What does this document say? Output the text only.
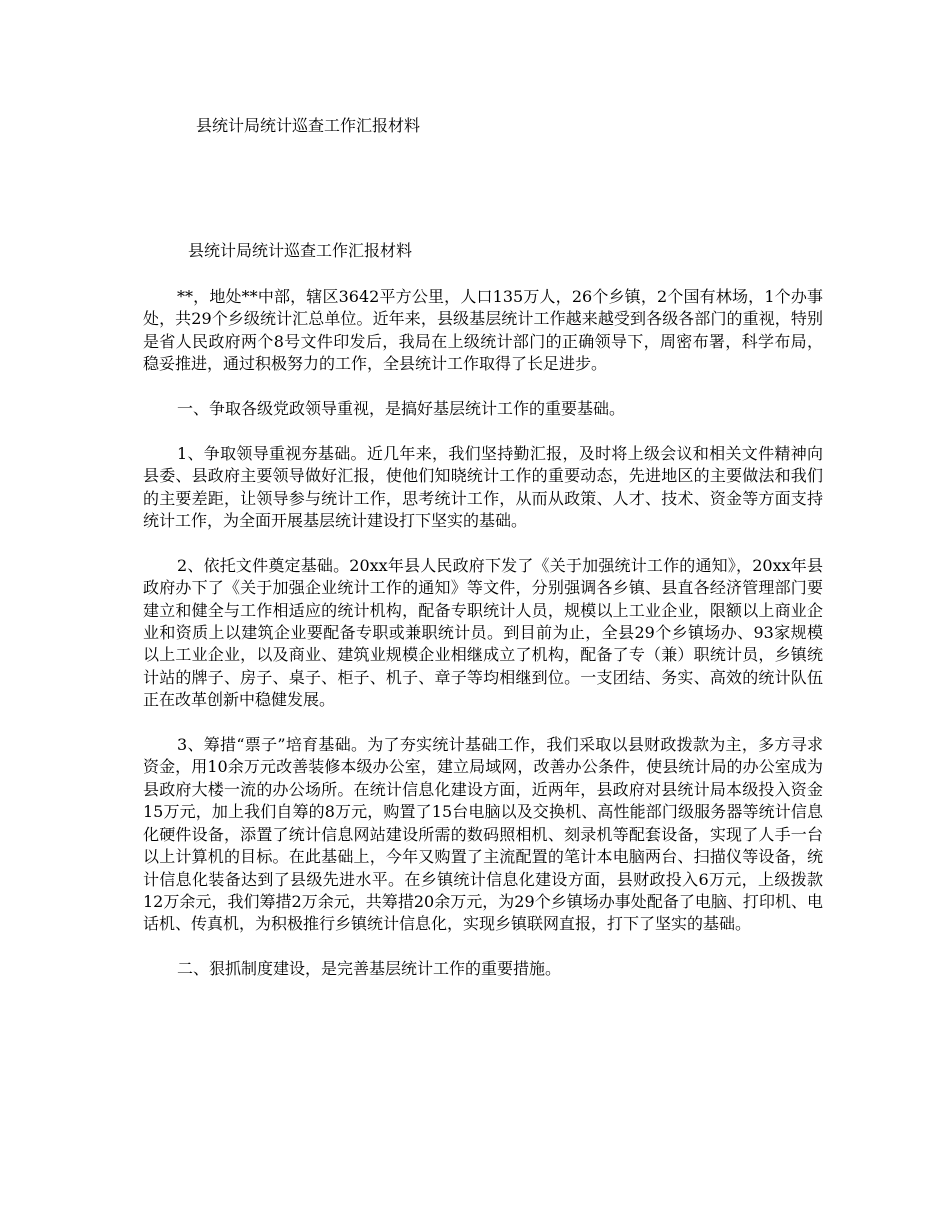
县统计局统计巡查工作汇报材料
县统计局统计巡查工作汇报材料

**，地处**中部，辖区3642平方公里，人口135万人，26个乡镇，2个国有林场，1个办事处，共29个乡级统计汇总单位。近年来，县级基层统计工作越来越受到各级各部门的重视，特别是省人民政府两个8号文件印发后，我局在上级统计部门的正确领导下，周密布署，科学布局，稳妥推进，通过积极努力的工作，全县统计工作取得了长足进步。

一、争取各级党政领导重视，是搞好基层统计工作的重要基础。

1、争取领导重视夯基础。近几年来，我们坚持勤汇报，及时将上级会议和相关文件精神向县委、县政府主要领导做好汇报，使他们知晓统计工作的重要动态，先进地区的主要做法和我们的主要差距，让领导参与统计工作，思考统计工作，从而从政策、人才、技术、资金等方面支持统计工作，为全面开展基层统计建设打下坚实的基础。

2、依托文件奠定基础。20xx年县人民政府下发了《关于加强统计工作的通知》，20xx年县政府办下了《关于加强企业统计工作的通知》等文件，分别强调各乡镇、县直各经济管理部门要建立和健全与工作相适应的统计机构，配备专职统计人员，规模以上工业企业，限额以上商业企业和资质上以建筑企业要配备专职或兼职统计员。到目前为止，全县29个乡镇场办、93家规模以上工业企业，以及商业、建筑业规模企业相继成立了机构，配备了专（兼）职统计员，乡镇统计站的牌子、房子、桌子、柜子、机子、章子等均相继到位。一支团结、务实、高效的统计队伍正在改革创新中稳健发展。

3、筹措“票子”培育基础。为了夯实统计基础工作，我们采取以县财政拨款为主，多方寻求资金，用10余万元改善装修本级办公室，建立局域网，改善办公条件，使县统计局的办公室成为县政府大楼一流的办公场所。在统计信息化建设方面，近两年，县政府对县统计局本级投入资金15万元，加上我们自筹的8万元，购置了15台电脑以及交换机、高性能部门级服务器等统计信息化硬件设备，添置了统计信息网站建设所需的数码照相机、刻录机等配套设备，实现了人手一台以上计算机的目标。在此基础上，今年又购置了主流配置的笔计本电脑两台、扫描仪等设备，统计信息化装备达到了县级先进水平。在乡镇统计信息化建设方面，县财政投入6万元，上级拨款12万余元，我们筹措2万余元，共筹措20余万元，为29个乡镇场办事处配备了电脑、打印机、电话机、传真机，为积极推行乡镇统计信息化，实现乡镇联网直报，打下了坚实的基础。

二、狠抓制度建设，是完善基层统计工作的重要措施。
